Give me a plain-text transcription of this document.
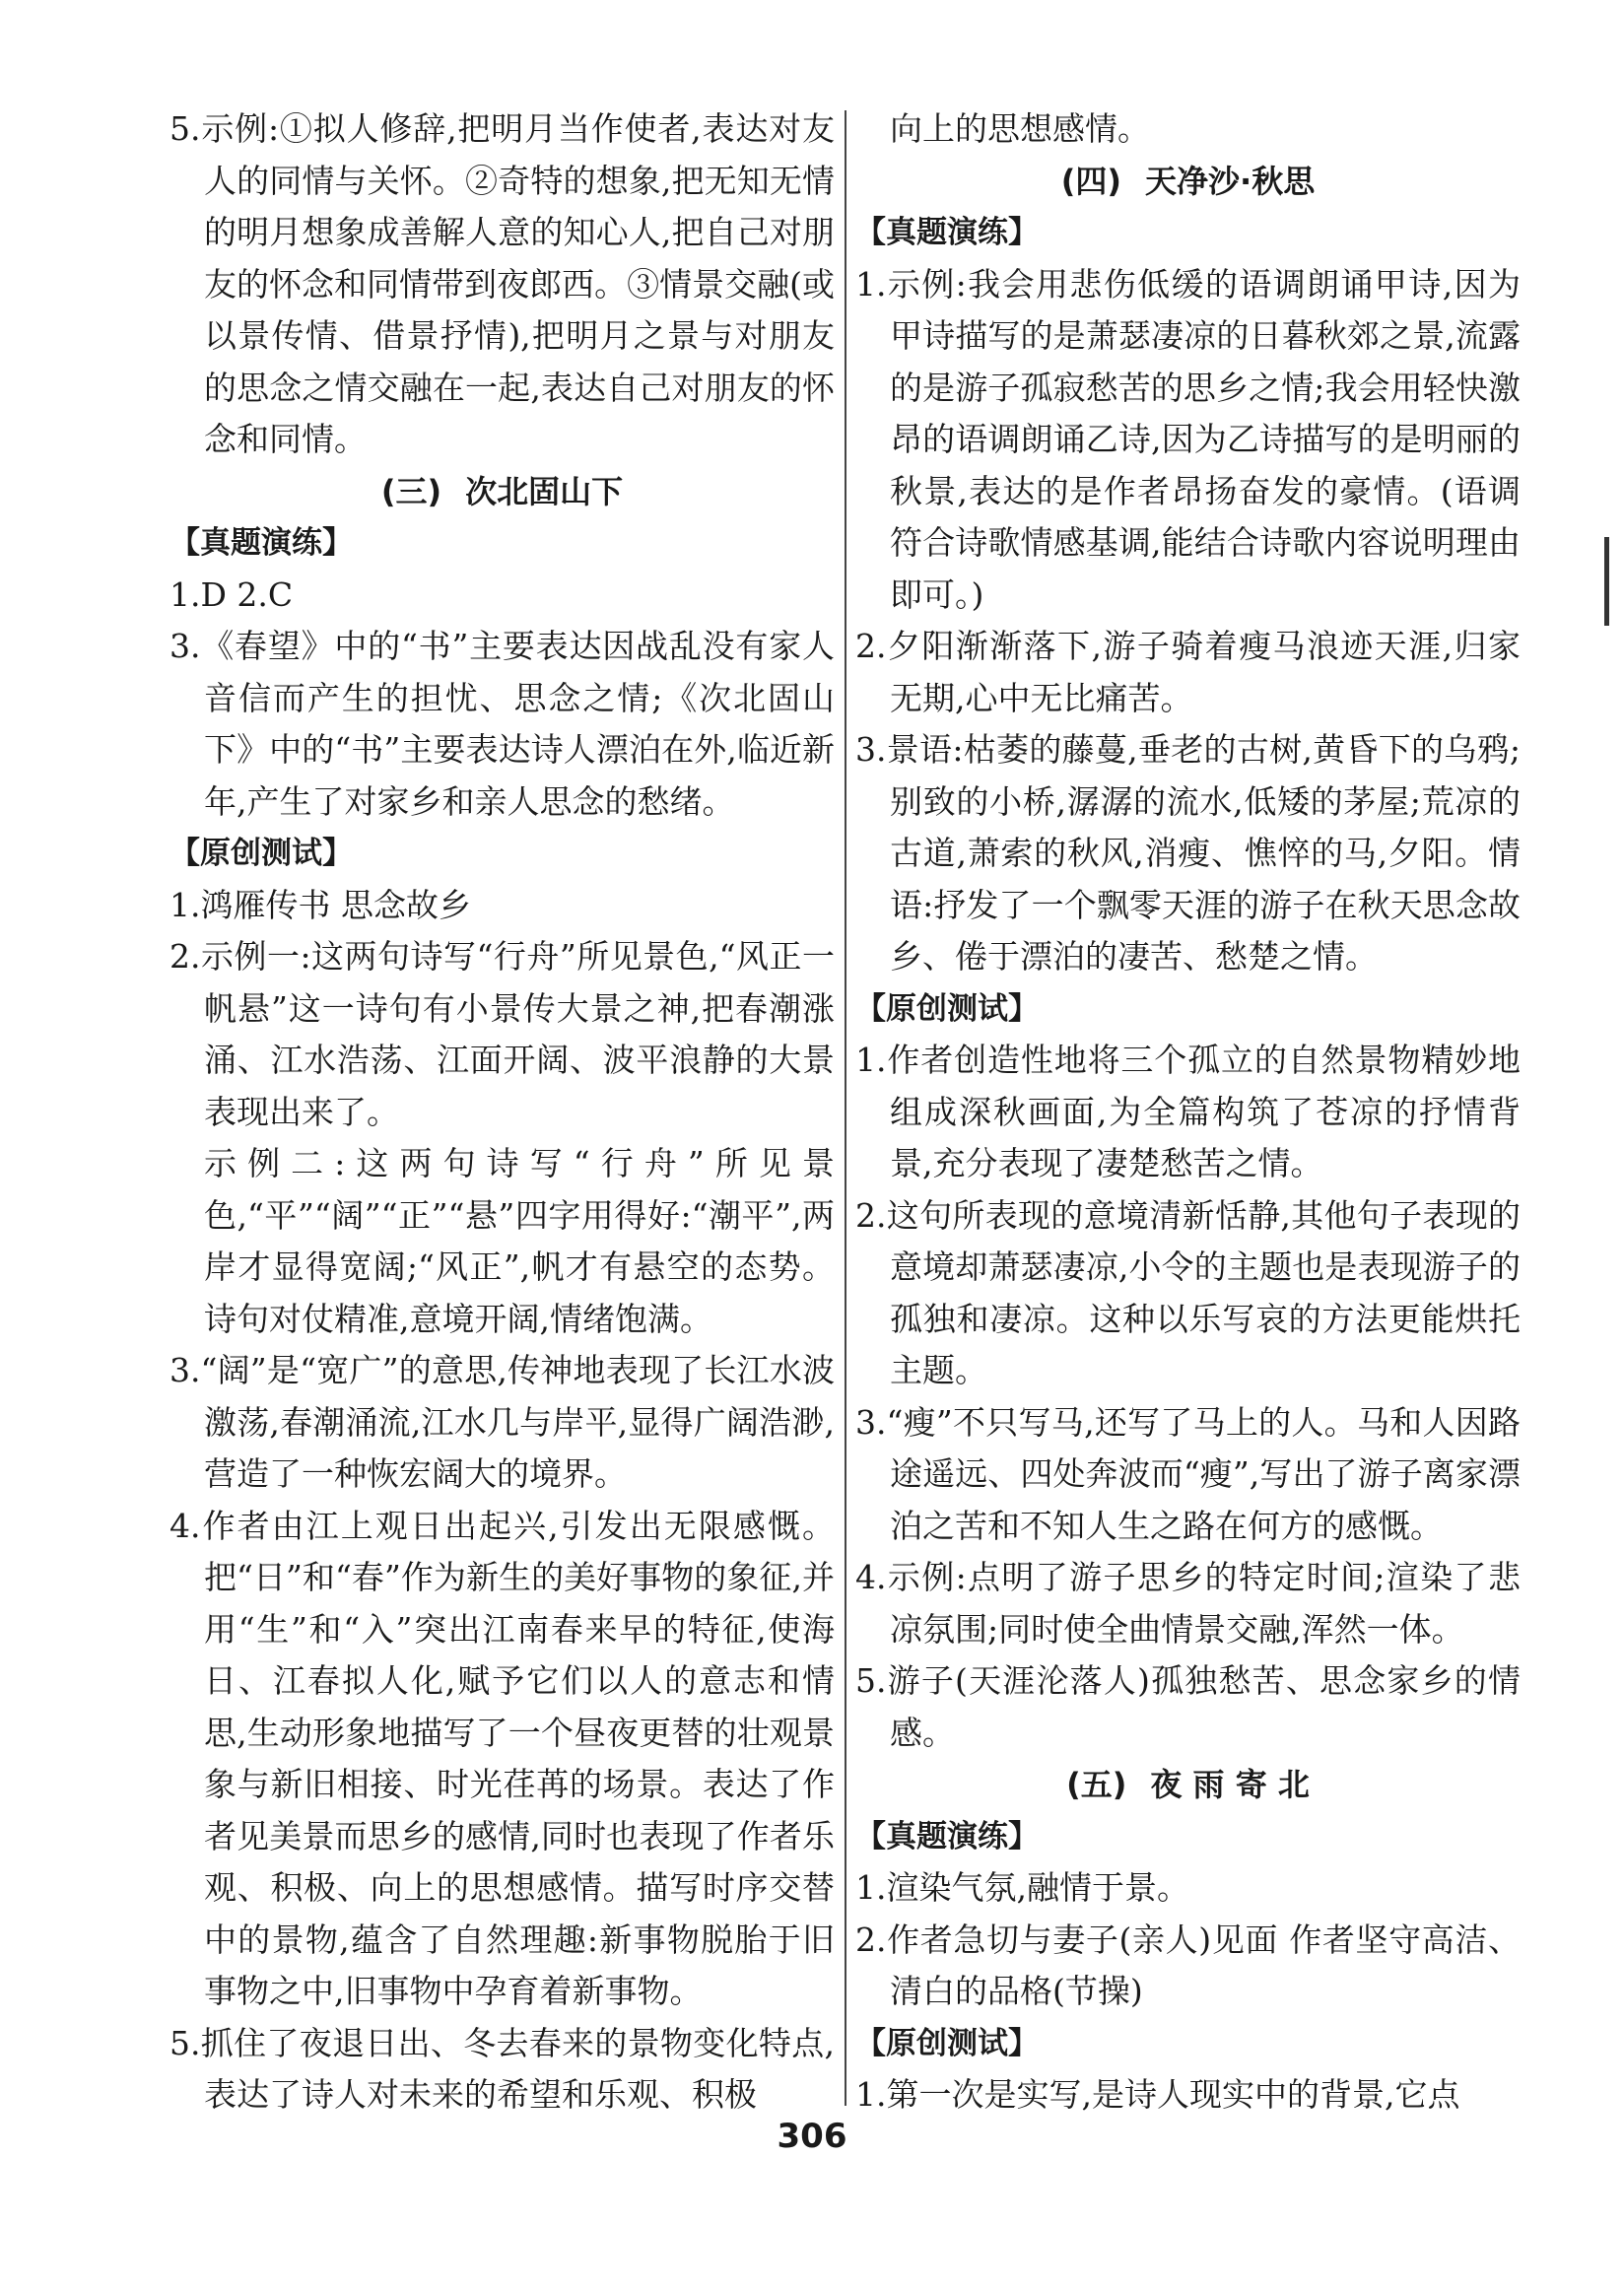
5.示例:①拟人修辞,把明月当作使者,表达对友人的同情与关怀。②奇特的想象,把无知无情的明月想象成善解人意的知心人,把自己对朋友的怀念和同情带到夜郎西。③情景交融(或以景传情、借景抒情),把明月之景与对朋友的思念之情交融在一起,表达自己对朋友的怀念和同情。

(三) 次北固山下
【真题演练】

1.D 2.C

3.《春望》中的“书”主要表达因战乱没有家人音信而产生的担忧、思念之情;《次北固山下》中的“书”主要表达诗人漂泊在外,临近新年,产生了对家乡和亲人思念的愁绪。

【原创测试】

1.鸿雁传书 思念故乡

2.示例一:这两句诗写“行舟”所见景色,“风正一帆悬”这一诗句有小景传大景之神,把春潮涨涌、江水浩荡、江面开阔、波平浪静的大景表现出来了。

示例二:这两句诗写“行舟”所见景色,“平”“阔”“正”“悬”四字用得好:“潮平”,两岸才显得宽阔;“风正”,帆才有悬空的态势。诗句对仗精准,意境开阔,情绪饱满。

3.“阔”是“宽广”的意思,传神地表现了长江水波激荡,春潮涌流,江水几与岸平,显得广阔浩渺,营造了一种恢宏阔大的境界。

4.作者由江上观日出起兴,引发出无限感慨。把“日”和“春”作为新生的美好事物的象征,并用“生”和“入”突出江南春来早的特征,使海日、江春拟人化,赋予它们以人的意志和情思,生动形象地描写了一个昼夜更替的壮观景象与新旧相接、时光荏苒的场景。表达了作者见美景而思乡的感情,同时也表现了作者乐观、积极、向上的思想感情。描写时序交替中的景物,蕴含了自然理趣:新事物脱胎于旧事物之中,旧事物中孕育着新事物。

5.抓住了夜退日出、冬去春来的景物变化特点,表达了诗人对未来的希望和乐观、积极

向上的思想感情。

(四) 天净沙·秋思
【真题演练】

1.示例:我会用悲伤低缓的语调朗诵甲诗,因为甲诗描写的是萧瑟凄凉的日暮秋郊之景,流露的是游子孤寂愁苦的思乡之情;我会用轻快激昂的语调朗诵乙诗,因为乙诗描写的是明丽的秋景,表达的是作者昂扬奋发的豪情。(语调符合诗歌情感基调,能结合诗歌内容说明理由即可。)

2.夕阳渐渐落下,游子骑着瘦马浪迹天涯,归家无期,心中无比痛苦。

3.景语:枯萎的藤蔓,垂老的古树,黄昏下的乌鸦;别致的小桥,潺潺的流水,低矮的茅屋;荒凉的古道,萧索的秋风,消瘦、憔悴的马,夕阳。情语:抒发了一个飘零天涯的游子在秋天思念故乡、倦于漂泊的凄苦、愁楚之情。

【原创测试】

1.作者创造性地将三个孤立的自然景物精妙地组成深秋画面,为全篇构筑了苍凉的抒情背景,充分表现了凄楚愁苦之情。

2.这句所表现的意境清新恬静,其他句子表现的意境却萧瑟凄凉,小令的主题也是表现游子的孤独和凄凉。这种以乐写哀的方法更能烘托主题。

3.“瘦”不只写马,还写了马上的人。马和人因路途遥远、四处奔波而“瘦”,写出了游子离家漂泊之苦和不知人生之路在何方的感慨。

4.示例:点明了游子思乡的特定时间;渲染了悲凉氛围;同时使全曲情景交融,浑然一体。

5.游子(天涯沦落人)孤独愁苦、思念家乡的情感。

(五) 夜 雨 寄 北
【真题演练】

1.渲染气氛,融情于景。

2.作者急切与妻子(亲人)见面 作者坚守高洁、清白的品格(节操)

【原创测试】

1.第一次是实写,是诗人现实中的背景,它点

306
